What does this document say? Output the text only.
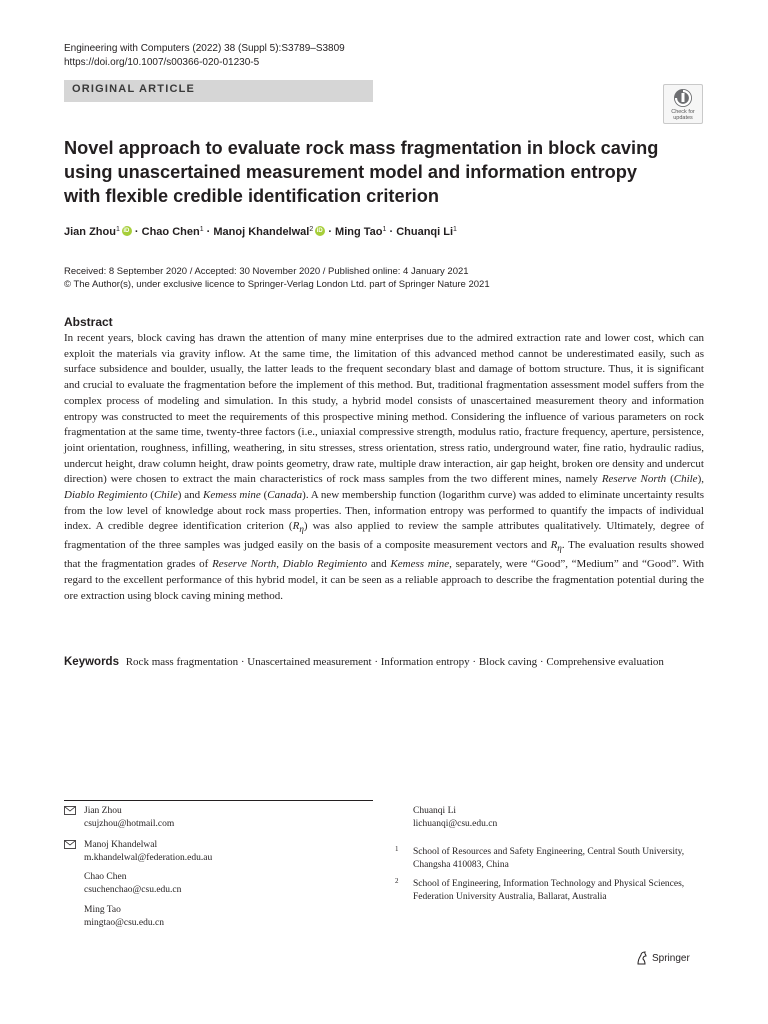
Engineering with Computers (2022) 38 (Suppl 5):S3789–S3809
https://doi.org/10.1007/s00366-020-01230-5
ORIGINAL ARTICLE
Check for
updates
Novel approach to evaluate rock mass fragmentation in block caving using unascertained measurement model and information entropy with flexible credible identification criterion
Jian Zhou$^1$iD · Chao Chen$^1$ · Manoj Khandelwal$^2$iD · Ming Tao$^1$ · Chuanqi Li$^1$
Received: 8 September 2020 / Accepted: 30 November 2020 / Published online: 4 January 2021
© The Author(s), under exclusive licence to Springer-Verlag London Ltd. part of Springer Nature 2021
Abstract

In recent years, block caving has drawn the attention of many mine enterprises due to the admired extraction rate and lower cost, which can exploit the materials via gravity inflow. At the same time, the limitation of this advanced method cannot be underestimated easily, such as surface subsidence and boulder, usually, the latter leads to the frequent secondary blast and damage of bottom structure. Thus, it is significant and crucial to evaluate the fragmentation before the implement of this method. But, traditional fragmentation assessment model suffers from the complex process of modeling and simulation. In this study, a hybrid model consists of unascertained measurement theory and information entropy was constructed to meet the requirements of this prospective mining method. Considering the influence of various parameters on rock fragmentation at the same time, twenty-three factors (i.e., uniaxial compressive strength, modulus ratio, fracture frequency, aperture, persistence, joint orientation, roughness, infilling, weathering, in situ stresses, stress orientation, stress ratio, underground water, fine ratio, hydraulic radius, undercut height, draw column height, draw points geometry, draw rate, multiple draw interaction, air gap height, broken ore density and undercut direction) were chosen to extract the main characteristics of rock mass samples from the two different mines, namely Reserve North (Chile), Diablo Regimiento (Chile) and Kemess mine (Canada). A new membership function (logarithm curve) was added to eliminate uncertainty results from the low level of knowledge about rock mass properties. Then, information entropy was performed to quantify the impacts of individual index. A credible degree identification criterion $(R_\eta)$ was also applied to review the sample attributes qualitatively. Ultimately, degree of fragmentation of the three samples was judged easily on the basis of a composite measurement vectors and $R_\eta$. The evaluation results showed that the fragmentation grades of Reserve North, Diablo Regimiento and Kemess mine, separately, were “Good”, “Medium” and “Good”. With regard to the excellent performance of this hybrid model, it can be seen as a reliable approach to describe the fragmentation potential during the ore extraction using block caving mining method.

Keywords Rock mass fragmentation · Unascertained measurement · Information entropy · Block caving · Comprehensive evaluation

Jian Zhou
csujzhou@hotmail.com
Manoj Khandelwal
m.khandelwal@federation.edu.au
Chao Chen
csuchenchao@csu.edu.cn
Ming Tao
mingtao@csu.edu.cn
Chuanqi Li
lichuanqi@csu.edu.cn
1 School of Resources and Safety Engineering, Central South University, Changsha 410083, China
2 School of Engineering, Information Technology and Physical Sciences, Federation University Australia, Ballarat, Australia
Springer
